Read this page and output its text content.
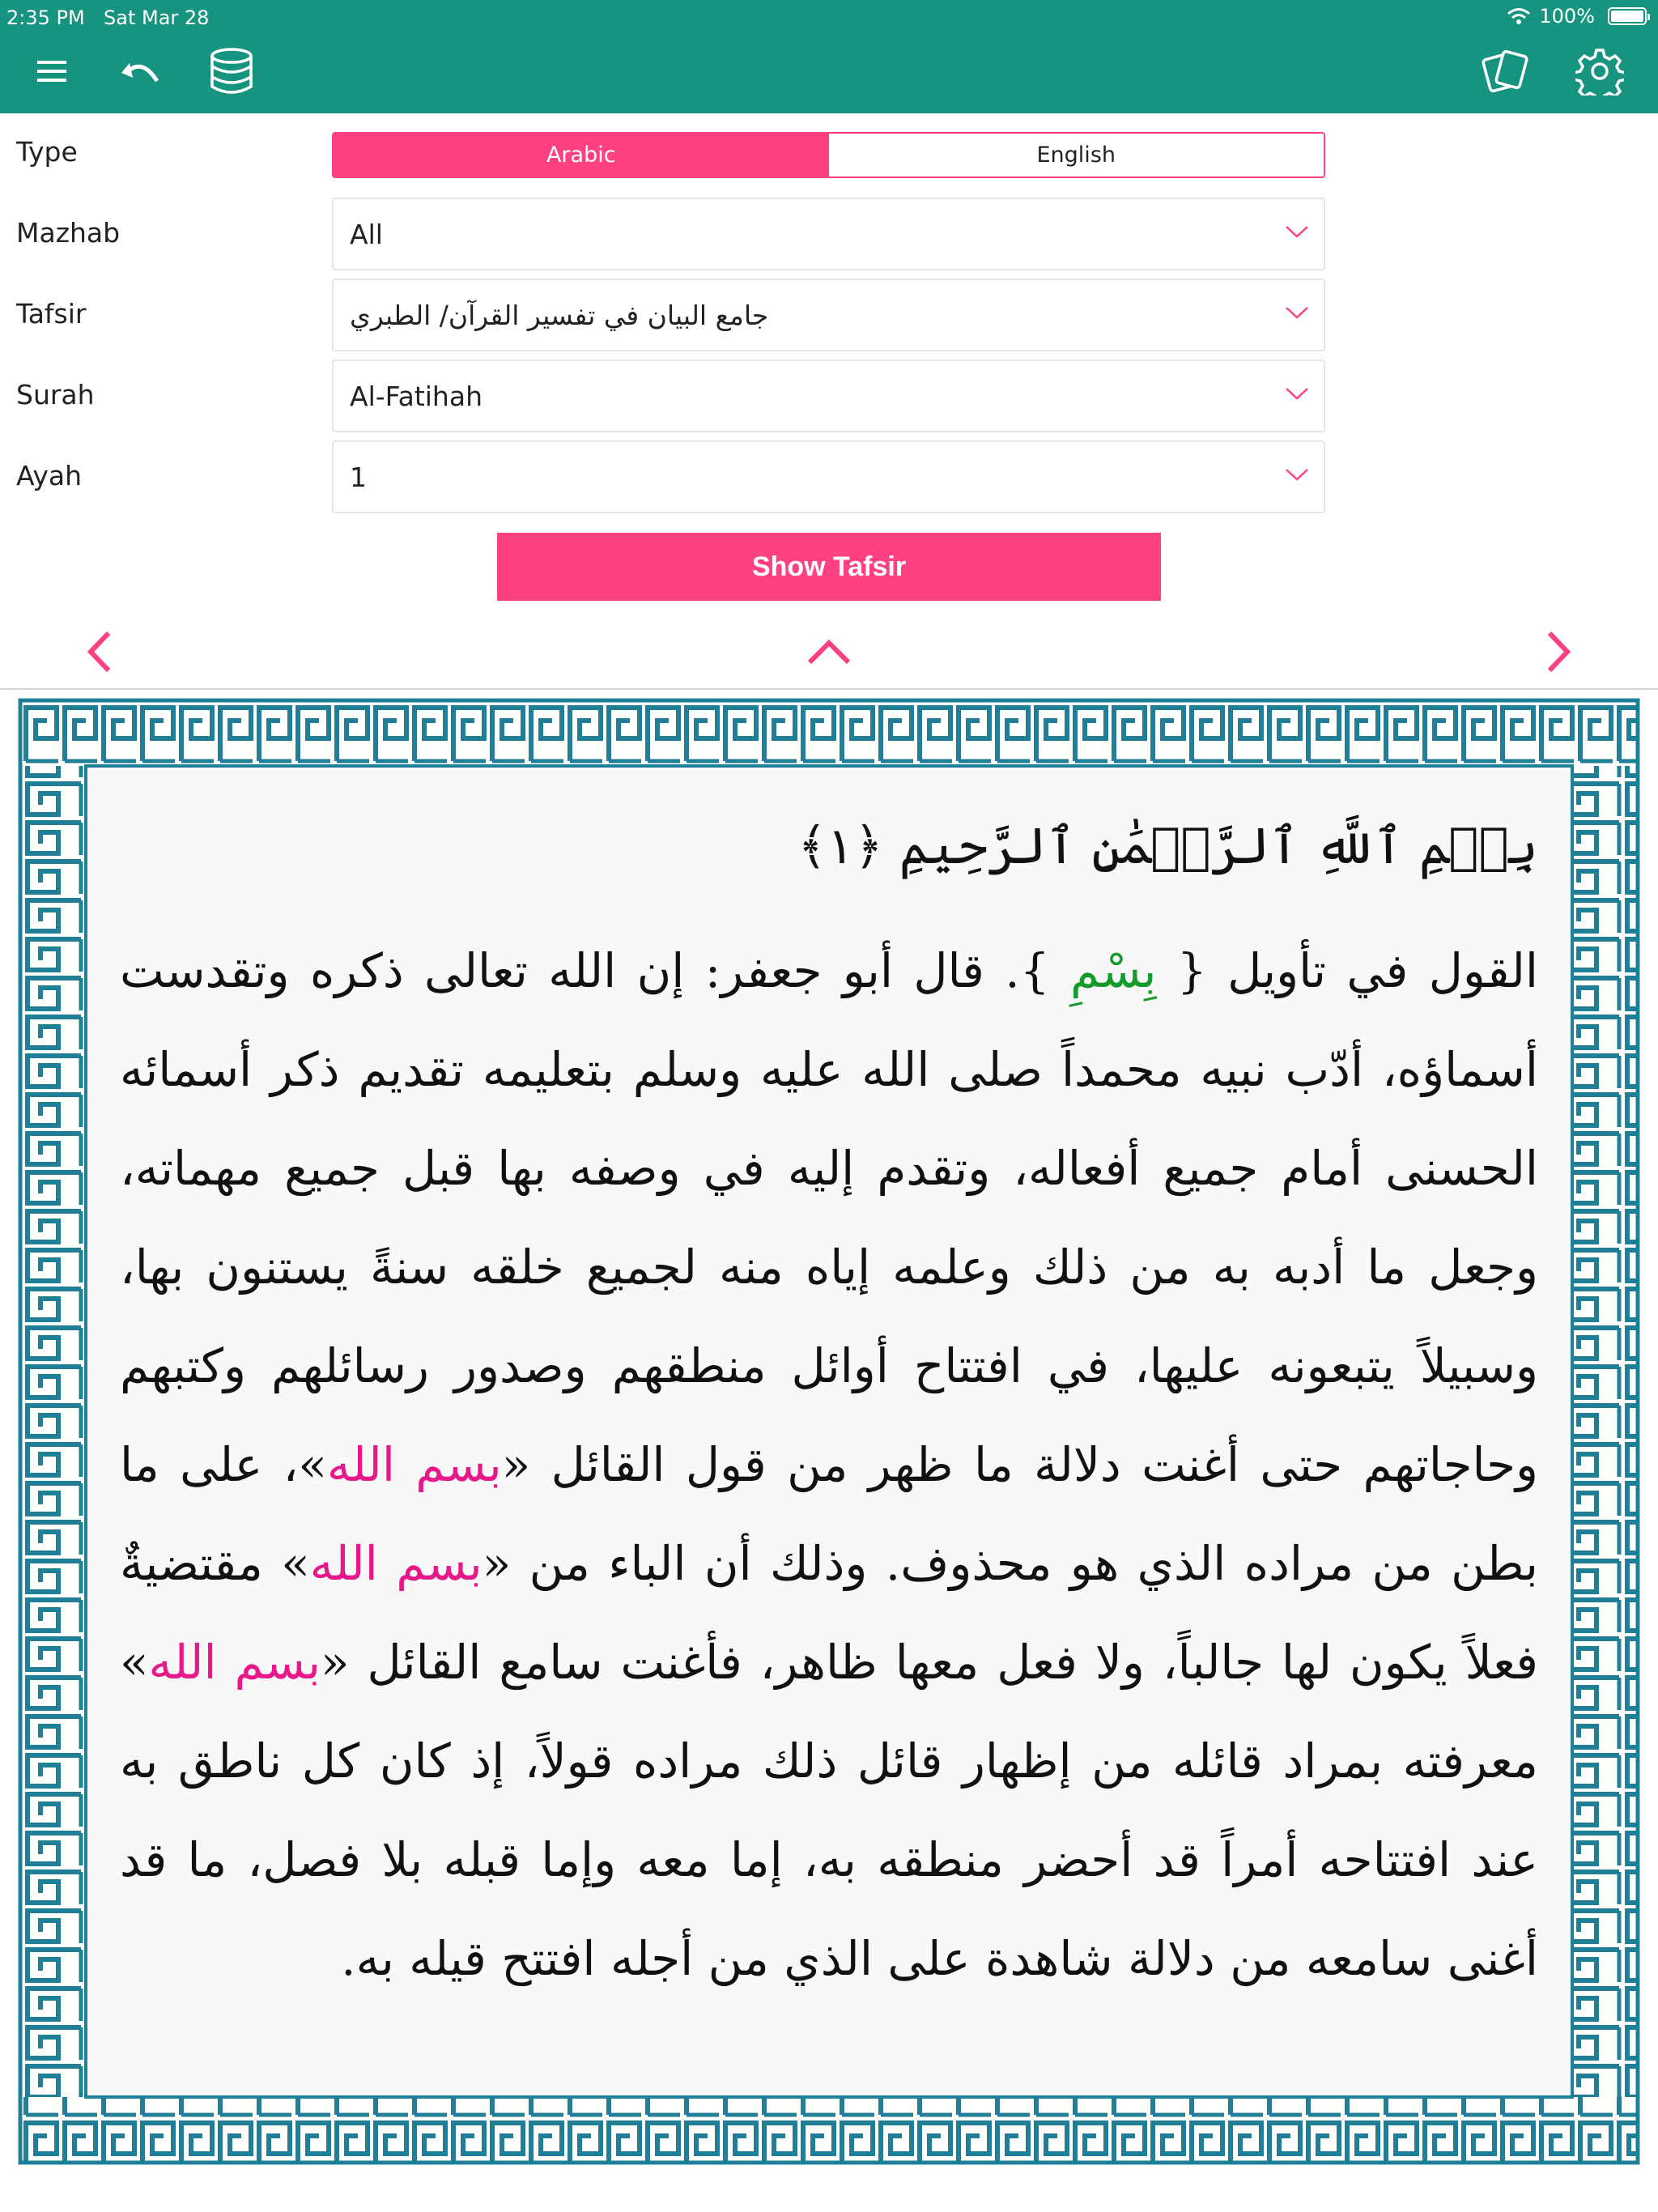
2:35 PM Sat Mar 28	100%
Type	Arabic	English
Mazhab	All
Tafsir	جامع البيان في تفسير القرآن/ الطبري
Surah	Al-Fatihah
Ayah	1
Show Tafsir
بِسۡمِ ٱللَّهِ ٱلرَّحۡمَٰنِ ٱلرَّحِيمِ ﴿١﴾
القول في تأويل { بِسْمِ }. قال أبو جعفر: إن الله تعالى ذكره وتقدست أسماؤه، أدّب نبيه محمداً صلى الله عليه وسلم بتعليمه تقديم ذكر أسمائه الحسنى أمام جميع أفعاله، وتقدم إليه في وصفه بها قبل جميع مهماته، وجعل ما أدبه به من ذلك وعلمه إياه منه لجميع خلقه سنةً يستنون بها، وسبيلاً يتبعونه عليها، في افتتاح أوائل منطقهم وصدور رسائلهم وكتبهم وحاجاتهم حتى أغنت دلالة ما ظهر من قول القائل «بسم الله»، على ما بطن من مراده الذي هو محذوف. وذلك أن الباء من «بسم الله» مقتضيةٌ فعلاً يكون لها جالباً، ولا فعل معها ظاهر، فأغنت سامع القائل «بسم الله» معرفته بمراد قائله من إظهار قائل ذلك مراده قولاً، إذ كان كل ناطق به عند افتتاحه أمراً قد أحضر منطقه به، إما معه وإما قبله بلا فصل، ما قد أغنى سامعه من دلالة شاهدة على الذي من أجله افتتح قيله به.
